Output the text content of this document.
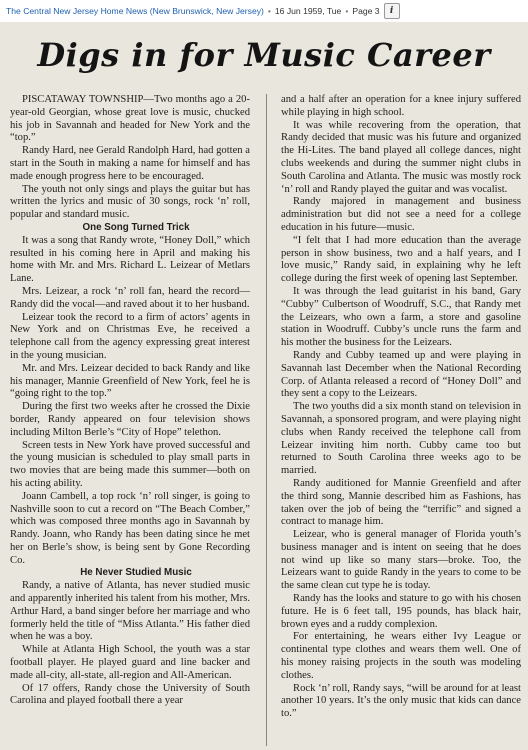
The Central New Jersey Home News (New Brunswick, New Jersey) • 16 Jun 1959, Tue • Page 3	i
Digs in for Music Career

PISCATAWAY TOWNSHIP—Two months ago a 20-year-old Georgian, whose great love is music, chucked his job in Savannah and headed for New York and the “top.”

Randy Hard, nee Gerald Randolph Hard, had gotten a start in the South in making a name for himself and has made enough progress here to be encouraged.

The youth not only sings and plays the guitar but has written the lyrics and music of 30 songs, rock ‘n’ roll, popular and standard music.

One Song Turned Trick

It was a song that Randy wrote, “Honey Doll,” which resulted in his coming here in April and making his home with Mr. and Mrs. Richard L. Leizear of Metlars Lane.

Mrs. Leizear, a rock ‘n’ roll fan, heard the record—Randy did the vocal—and raved about it to her husband.

Leizear took the record to a firm of actors’ agents in New York and on Christmas Eve, he received a telephone call from the agency expressing great interest in the young musician.

Mr. and Mrs. Leizear decided to back Randy and like his manager, Mannie Greenfield of New York, feel he is “going right to the top.”

During the first two weeks after he crossed the Dixie border, Randy appeared on four television shows including Milton Berle’s “City of Hope” telethon.

Screen tests in New York have proved successful and the young musician is scheduled to play small parts in two movies that are being made this summer—both on his acting ability.

Joann Cambell, a top rock ‘n’ roll singer, is going to Nashville soon to cut a record on “The Beach Comber,” which was composed three months ago in Savannah by Randy. Joann, who Randy has been dating since he met her on Berle’s show, is being sent by Gone Recording Co.

He Never Studied Music

Randy, a native of Atlanta, has never studied music and apparently inherited his talent from his mother, Mrs. Arthur Hard, a band singer before her marriage and who formerly held the title of “Miss Atlanta.” His father died when he was a boy.

While at Atlanta High School, the youth was a star football player. He played guard and line backer and made all-city, all-state, all-region and All-American.

Of 17 offers, Randy chose the University of South Carolina and played football there a year

and a half after an operation for a knee injury suffered while playing in high school.

It was while recovering from the operation, that Randy decided that music was his future and organized the Hi-Lites. The band played all college dances, night clubs weekends and during the summer night clubs in South Carolina and Atlanta. The music was mostly rock ‘n’ roll and Randy played the guitar and was vocalist.

Randy majored in management and business administration but did not see a need for a college education in his future—music.

“I felt that I had more education than the average person in show business, two and a half years, and I love music,” Randy said, in explaining why he left college during the first week of opening last September.

It was through the lead guitarist in his band, Gary “Cubby” Culbertson of Woodruff, S.C., that Randy met the Leizears, who own a farm, a store and gasoline station in Woodruff. Cubby’s uncle runs the farm and his mother the business for the Leizears.

Randy and Cubby teamed up and were playing in Savannah last December when the National Recording Corp. of Atlanta released a record of “Honey Doll” and they sent a copy to the Leizears.

The two youths did a six month stand on television in Savannah, a sponsored program, and were playing night clubs when Randy received the telephone call from Leizear inviting him north. Cubby came too but returned to South Carolina three weeks ago to be married.

Randy auditioned for Mannie Greenfield and after the third song, Mannie described him as Fashions, has taken over the job of being the “terrific” and signed a contract to manage him.

Leizear, who is general manager of Florida youth’s business manager and is intent on seeing that he does not wind up like so many stars—broke. Too, the Leizears want to guide Randy in the years to come to be the same clean cut type he is today.

Randy has the looks and stature to go with his chosen future. He is 6 feet tall, 195 pounds, has black hair, brown eyes and a ruddy complexion.

For entertaining, he wears either Ivy League or continental type clothes and wears them well. One of his money raising projects in the south was modeling clothes.

Rock ‘n’ roll, Randy says, “will be around for at least another 10 years. It’s the only music that kids can dance to.”
